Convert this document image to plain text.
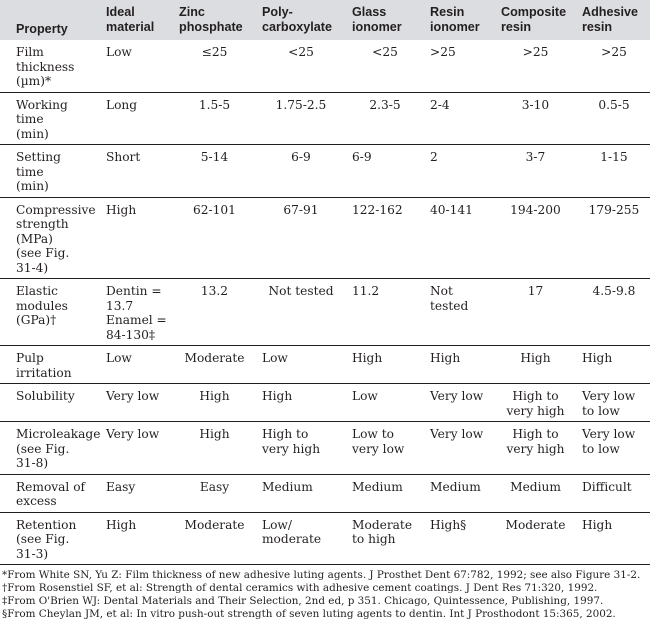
Property	Ideal material	Zinc phosphate	Poly-carboxylate	Glass ionomer	Resin ionomer	Composite resin	Adhesive resin
Film
thickness
(µm)*	Low	≤25	<25	<25	>25	>25	>25
Working
time
(min)	Long	1.5-5	1.75-2.5	2.3-5	2-4	3-10	0.5-5
Setting
time
(min)	Short	5-14	6-9	6-9	2	3-7	1-15
Compressive
strength
(MPa)
(see Fig.
31-4)	High	62-101	67-91	122-162	40-141	194-200	179-255
Elastic
modules
(GPa)†	Dentin =
13.7
Enamel =
84-130‡	13.2	Not tested	11.2	Not
tested	17	4.5-9.8
Pulp
irritation	Low	Moderate	Low	High	High	High	High
Solubility	Very low	High	High	Low	Very low	High to
very high	Very low
to low
Microleakage
(see Fig.
31-8)	Very low	High	High to
very high	Low to
very low	Very low	High to
very high	Very low
to low
Removal of
excess	Easy	Easy	Medium	Medium	Medium	Medium	Difficult
Retention
(see Fig.
31-3)	High	Moderate	Low/
moderate	Moderate
to high	High§	Moderate	High
*From White SN, Yu Z: Film thickness of new adhesive luting agents. J Prosthet Dent 67:782, 1992; see also Figure 31-2.
†From Rosenstiel SF, et al: Strength of dental ceramics with adhesive cement coatings. J Dent Res 71:320, 1992.
‡From O'Brien WJ: Dental Materials and Their Selection, 2nd ed, p 351. Chicago, Quintessence, Publishing, 1997.
§From Cheylan JM, et al: In vitro push-out strength of seven luting agents to dentin. Int J Prosthodont 15:365, 2002.
